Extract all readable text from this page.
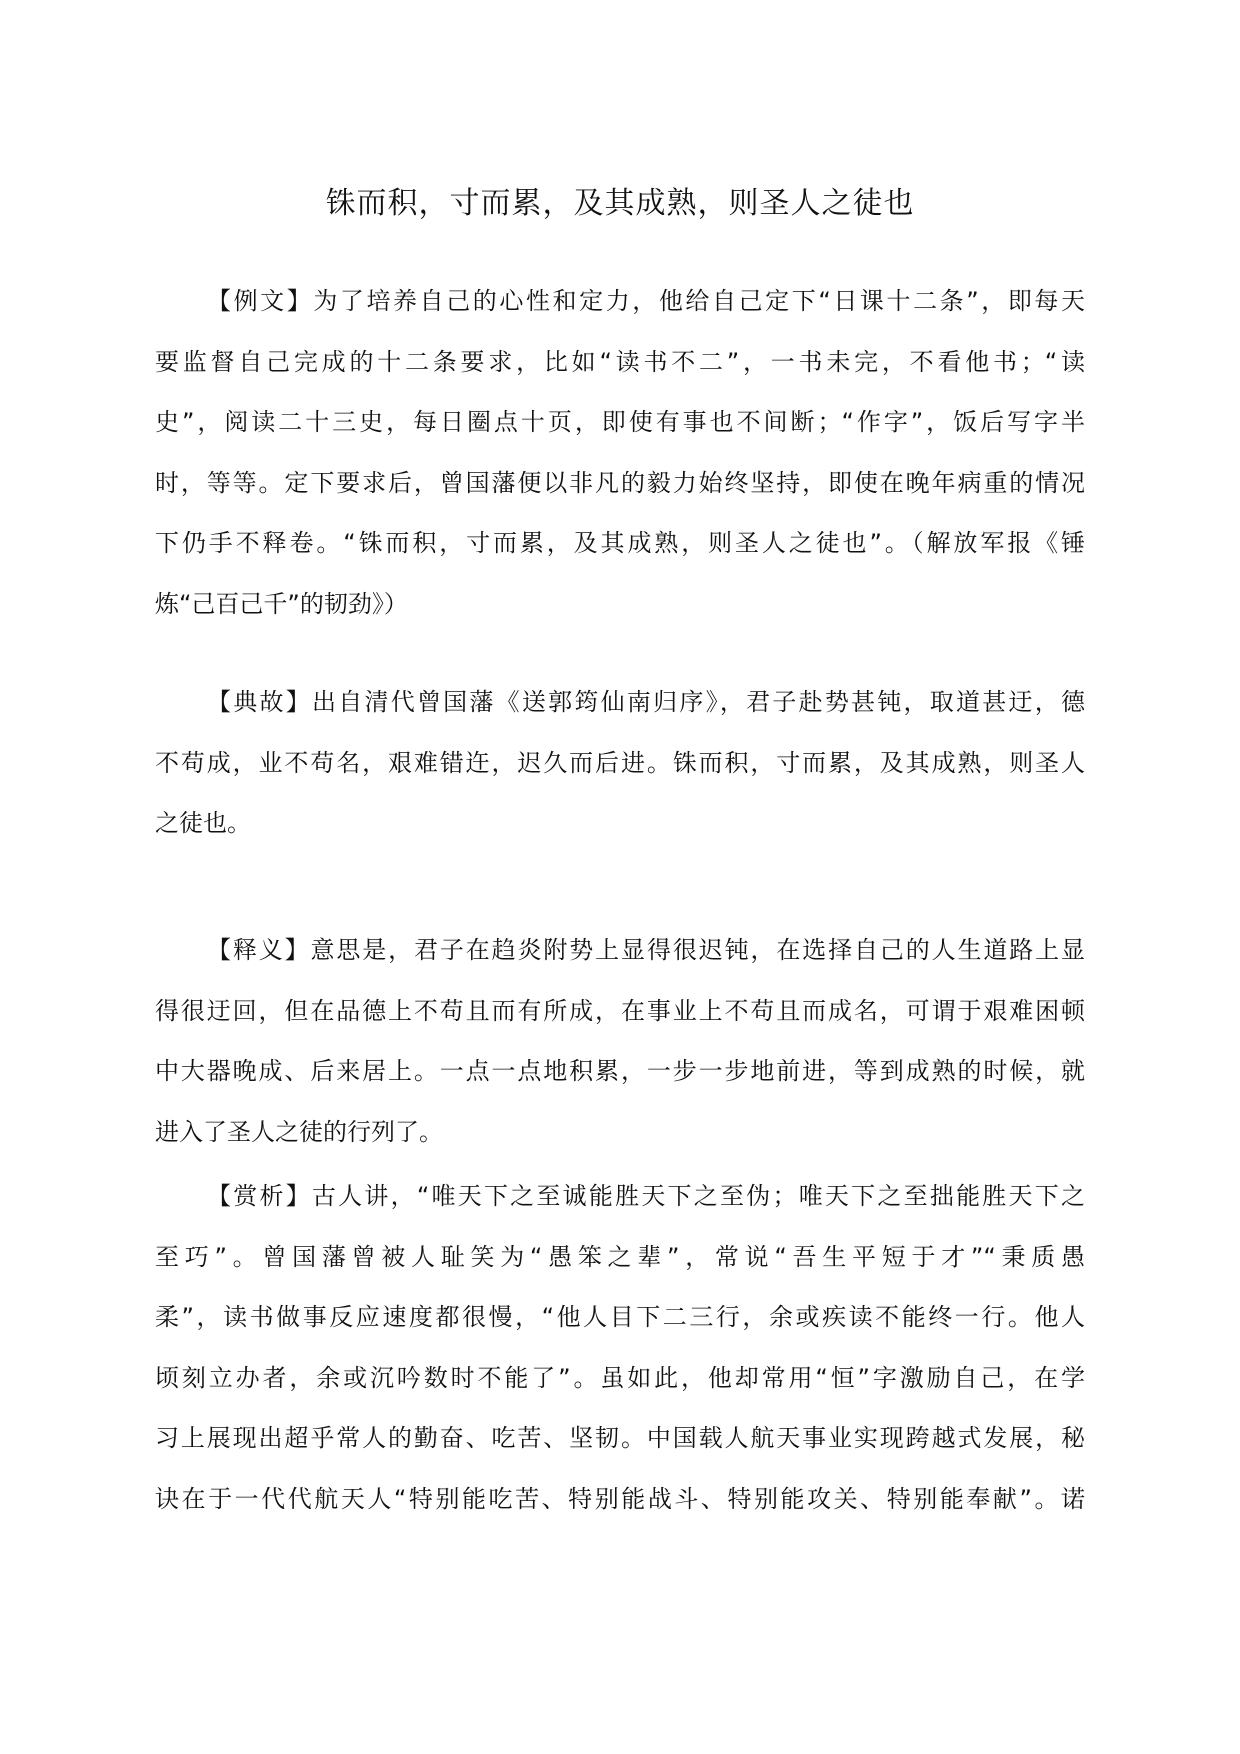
铢而积，寸而累，及其成熟，则圣人之徒也
【例文】为了培养自己的心性和定力，他给自己定下“日课十二条”，即每天
要监督自己完成的十二条要求，比如“读书不二”，一书未完，不看他书；“读
史”，阅读二十三史，每日圈点十页，即使有事也不间断；“作字”，饭后写字半
时，等等。定下要求后，曾国藩便以非凡的毅力始终坚持，即使在晚年病重的情况
下仍手不释卷。“铢而积，寸而累，及其成熟，则圣人之徒也”。（解放军报《锤
炼“己百己千”的韧劲》）
【典故】出自清代曾国藩《送郭筠仙南归序》，君子赴势甚钝，取道甚迂，德
不苟成，业不苟名，艰难错迕，迟久而后进。铢而积，寸而累，及其成熟，则圣人
之徒也。
【释义】意思是，君子在趋炎附势上显得很迟钝，在选择自己的人生道路上显
得很迂回，但在品德上不苟且而有所成，在事业上不苟且而成名，可谓于艰难困顿
中大器晚成、后来居上。一点一点地积累，一步一步地前进，等到成熟的时候，就
进入了圣人之徒的行列了。
【赏析】古人讲，“唯天下之至诚能胜天下之至伪；唯天下之至拙能胜天下之
至巧”。曾国藩曾被人耻笑为“愚笨之辈”，常说“吾生平短于才”“秉质愚
柔”，读书做事反应速度都很慢，“他人目下二三行，余或疾读不能终一行。他人
顷刻立办者，余或沉吟数时不能了”。虽如此，他却常用“恒”字激励自己，在学
习上展现出超乎常人的勤奋、吃苦、坚韧。中国载人航天事业实现跨越式发展，秘
诀在于一代代航天人“特别能吃苦、特别能战斗、特别能攻关、特别能奉献”。诺
